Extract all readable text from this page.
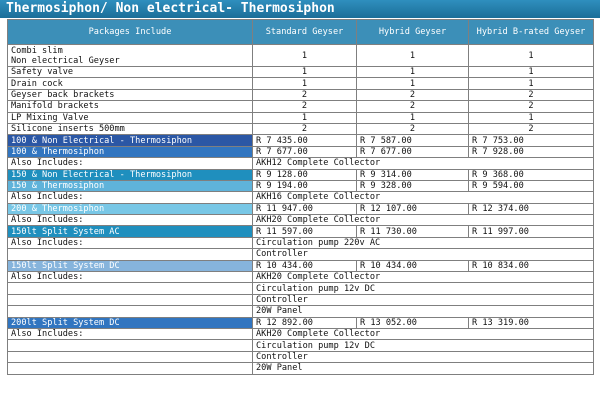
Thermosiphon/ Non electrical- Thermosiphon
Packages Include	Standard Geyser	Hybrid Geyser	Hybrid B-rated Geyser
Combi slim
Non electrical Geyser	1	1	1
Safety valve	1	1	1
Drain cock	1	1	1
Geyser back brackets	2	2	2
Manifold brackets	2	2	2
LP Mixing Valve	1	1	1
Silicone inserts 500mm	2	2	2
100 & Non Electrical - Thermosiphon	R 7 435.00	R 7 587.00	R 7 753.00
100 & Thermosiphon	R 7 677.00	R 7 677.00	R 7 928.00
Also Includes:	AKH12 Complete Collector		
150 & Non Electrical - Thermosiphon	R 9 128.00	R 9 314.00	R 9 368.00
150 & Thermosiphon	R 9 194.00	R 9 328.00	R 9 594.00
Also Includes:	AKH16 Complete Collector		
200 & Thermosiphon	R 11 947.00	R 12 107.00	R 12 374.00
Also Includes:	AKH20 Complete Collector		
150lt Split System AC	R 11 597.00	R 11 730.00	R 11 997.00
Also Includes:	Circulation pump 220v AC		
	Controller		
150lt Split System DC	R 10 434.00	R 10 434.00	R 10 834.00
Also Includes:	AKH20 Complete Collector		
	Circulation pump 12v DC		
	Controller		
	20W Panel		
200lt Split System DC	R 12 892.00	R 13 052.00	R 13 319.00
Also Includes:	AKH20 Complete Collector		
	Circulation pump 12v DC		
	Controller		
	20W Panel		
